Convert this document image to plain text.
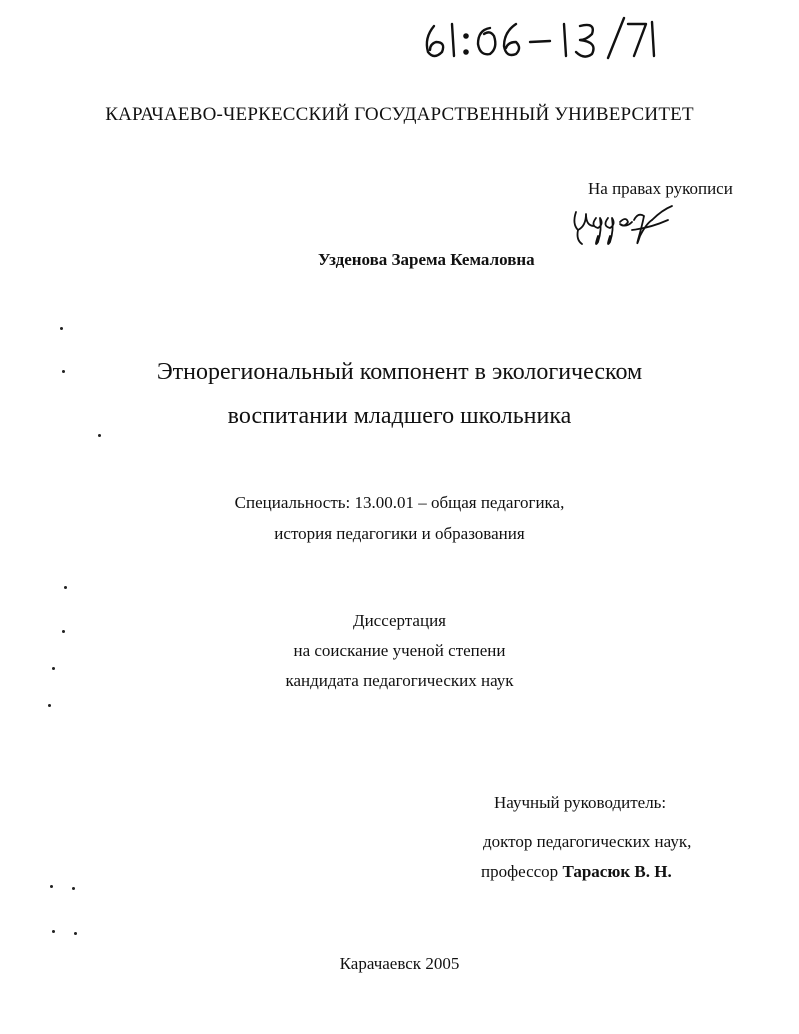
КАРАЧАЕВО-ЧЕРКЕССКИЙ ГОСУДАРСТВЕННЫЙ УНИВЕРСИТЕТ
На правах рукописи
Узденова Зарема Кемаловна
Этнорегиональный компонент в экологическом
воспитании младшего школьника
Специальность: 13.00.01 – общая педагогика,
история педагогики и образования
Диссертация
на соискание ученой степени
кандидата педагогических наук
Научный руководитель:
доктор педагогических наук,
профессор Тарасюк В. Н.
Карачаевск 2005
